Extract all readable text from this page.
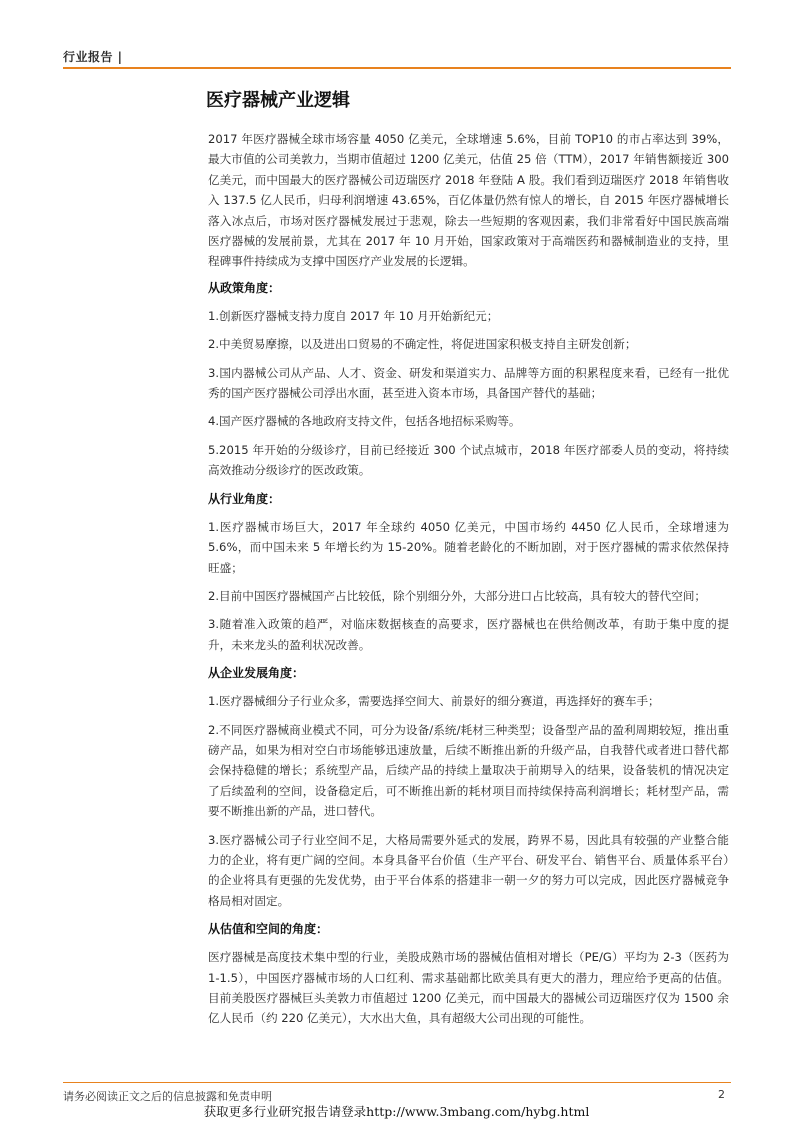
行业报告 |
医疗器械产业逻辑

2017 年医疗器械全球市场容量 4050 亿美元，全球增速 5.6%，目前 TOP10 的市占率达到 39%，最大市值的公司美敦力，当期市值超过 1200 亿美元，估值 25 倍（TTM），2017 年销售额接近 300 亿美元，而中国最大的医疗器械公司迈瑞医疗 2018 年登陆 A 股。我们看到迈瑞医疗 2018 年销售收入 137.5 亿人民币，归母利润增速 43.65%，百亿体量仍然有惊人的增长，自 2015 年医疗器械增长落入冰点后，市场对医疗器械发展过于悲观，除去一些短期的客观因素，我们非常看好中国民族高端医疗器械的发展前景，尤其在 2017 年 10 月开始，国家政策对于高端医药和器械制造业的支持，里程碑事件持续成为支撑中国医疗产业发展的长逻辑。

从政策角度：

1.创新医疗器械支持力度自 2017 年 10 月开始新纪元；

2.中美贸易摩擦，以及进出口贸易的不确定性，将促进国家积极支持自主研发创新；

3.国内器械公司从产品、人才、资金、研发和渠道实力、品牌等方面的积累程度来看，已经有一批优秀的国产医疗器械公司浮出水面，甚至进入资本市场，具备国产替代的基础；

4.国产医疗器械的各地政府支持文件，包括各地招标采购等。

5.2015 年开始的分级诊疗，目前已经接近 300 个试点城市，2018 年医疗部委人员的变动，将持续高效推动分级诊疗的医改政策。

从行业角度：

1.医疗器械市场巨大，2017 年全球约 4050 亿美元，中国市场约 4450 亿人民币，全球增速为 5.6%，而中国未来 5 年增长约为 15-20%。随着老龄化的不断加剧，对于医疗器械的需求依然保持旺盛；

2.目前中国医疗器械国产占比较低，除个别细分外，大部分进口占比较高，具有较大的替代空间；

3.随着准入政策的趋严，对临床数据核查的高要求，医疗器械也在供给侧改革，有助于集中度的提升，未来龙头的盈利状况改善。

从企业发展角度：

1.医疗器械细分子行业众多，需要选择空间大、前景好的细分赛道，再选择好的赛车手；

2.不同医疗器械商业模式不同，可分为设备/系统/耗材三种类型；设备型产品的盈利周期较短，推出重磅产品，如果为相对空白市场能够迅速放量，后续不断推出新的升级产品，自我替代或者进口替代都会保持稳健的增长；系统型产品，后续产品的持续上量取决于前期导入的结果，设备装机的情况决定了后续盈利的空间，设备稳定后，可不断推出新的耗材项目而持续保持高利润增长；耗材型产品，需要不断推出新的产品，进口替代。

3.医疗器械公司子行业空间不足，大格局需要外延式的发展，跨界不易，因此具有较强的产业整合能力的企业，将有更广阔的空间。本身具备平台价值（生产平台、研发平台、销售平台、质量体系平台）的企业将具有更强的先发优势，由于平台体系的搭建非一朝一夕的努力可以完成，因此医疗器械竞争格局相对固定。

从估值和空间的角度：

医疗器械是高度技术集中型的行业，美股成熟市场的器械估值相对增长（PE/G）平均为 2-3（医药为 1-1.5），中国医疗器械市场的人口红利、需求基础都比欧美具有更大的潜力，理应给予更高的估值。目前美股医疗器械巨头美敦力市值超过 1200 亿美元，而中国最大的器械公司迈瑞医疗仅为 1500 余亿人民币（约 220 亿美元），大水出大鱼，具有超级大公司出现的可能性。

请务必阅读正文之后的信息披露和免责申明	2
获取更多行业研究报告请登录http://www.3mbang.com/hybg.html
